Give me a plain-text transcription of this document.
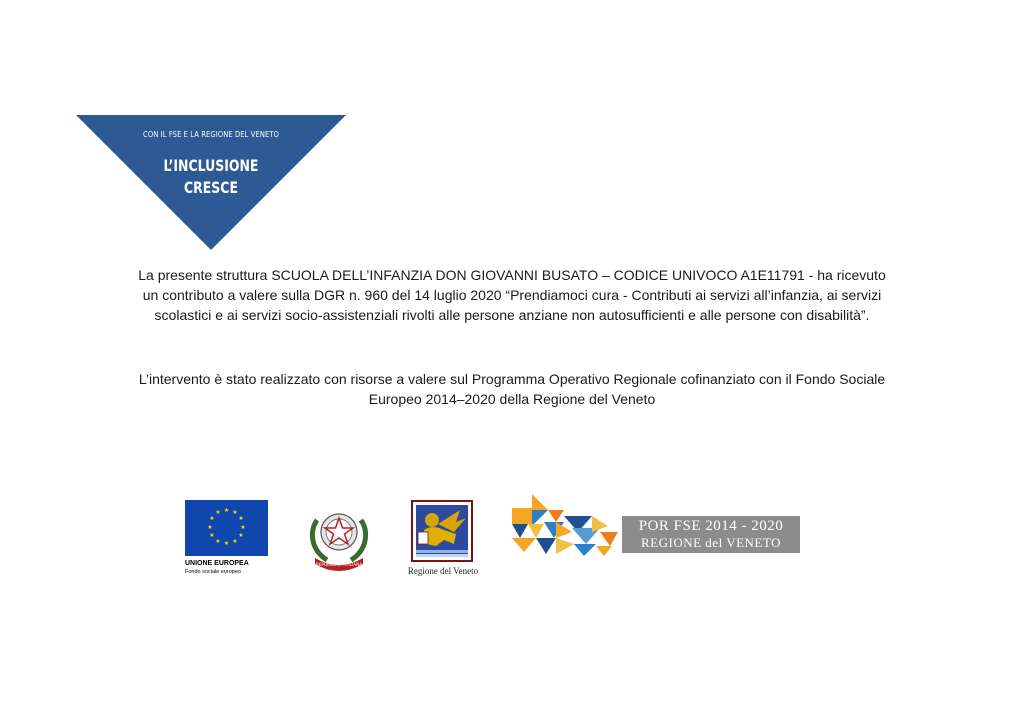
CON IL FSE E LA REGIONE DEL VENETO
L’INCLUSIONE
CRESCE
La presente struttura SCUOLA DELL’INFANZIA DON GIOVANNI BUSATO – CODICE UNIVOCO A1E11791 - ha ricevuto
un contributo a valere sulla DGR n. 960 del 14 luglio 2020 “Prendiamoci cura - Contributi ai servizi all’infanzia, ai servizi
scolastici e ai servizi socio-assistenziali rivolti alle persone anziane non autosufficienti e alle persone con disabilità”.
L’intervento è stato realizzato con risorse a valere sul Programma Operativo Regionale cofinanziato con il Fondo Sociale
Europeo 2014–2020 della Regione del Veneto
★ ★
★
★
★
★
★
★
★
★
★
★
UNIONE EUROPEA
Fondo sociale europeo
REPUBBLICA ITALIANA
Regione del Veneto
POR FSE 2014 - 2020
REGIONE del VENETO
